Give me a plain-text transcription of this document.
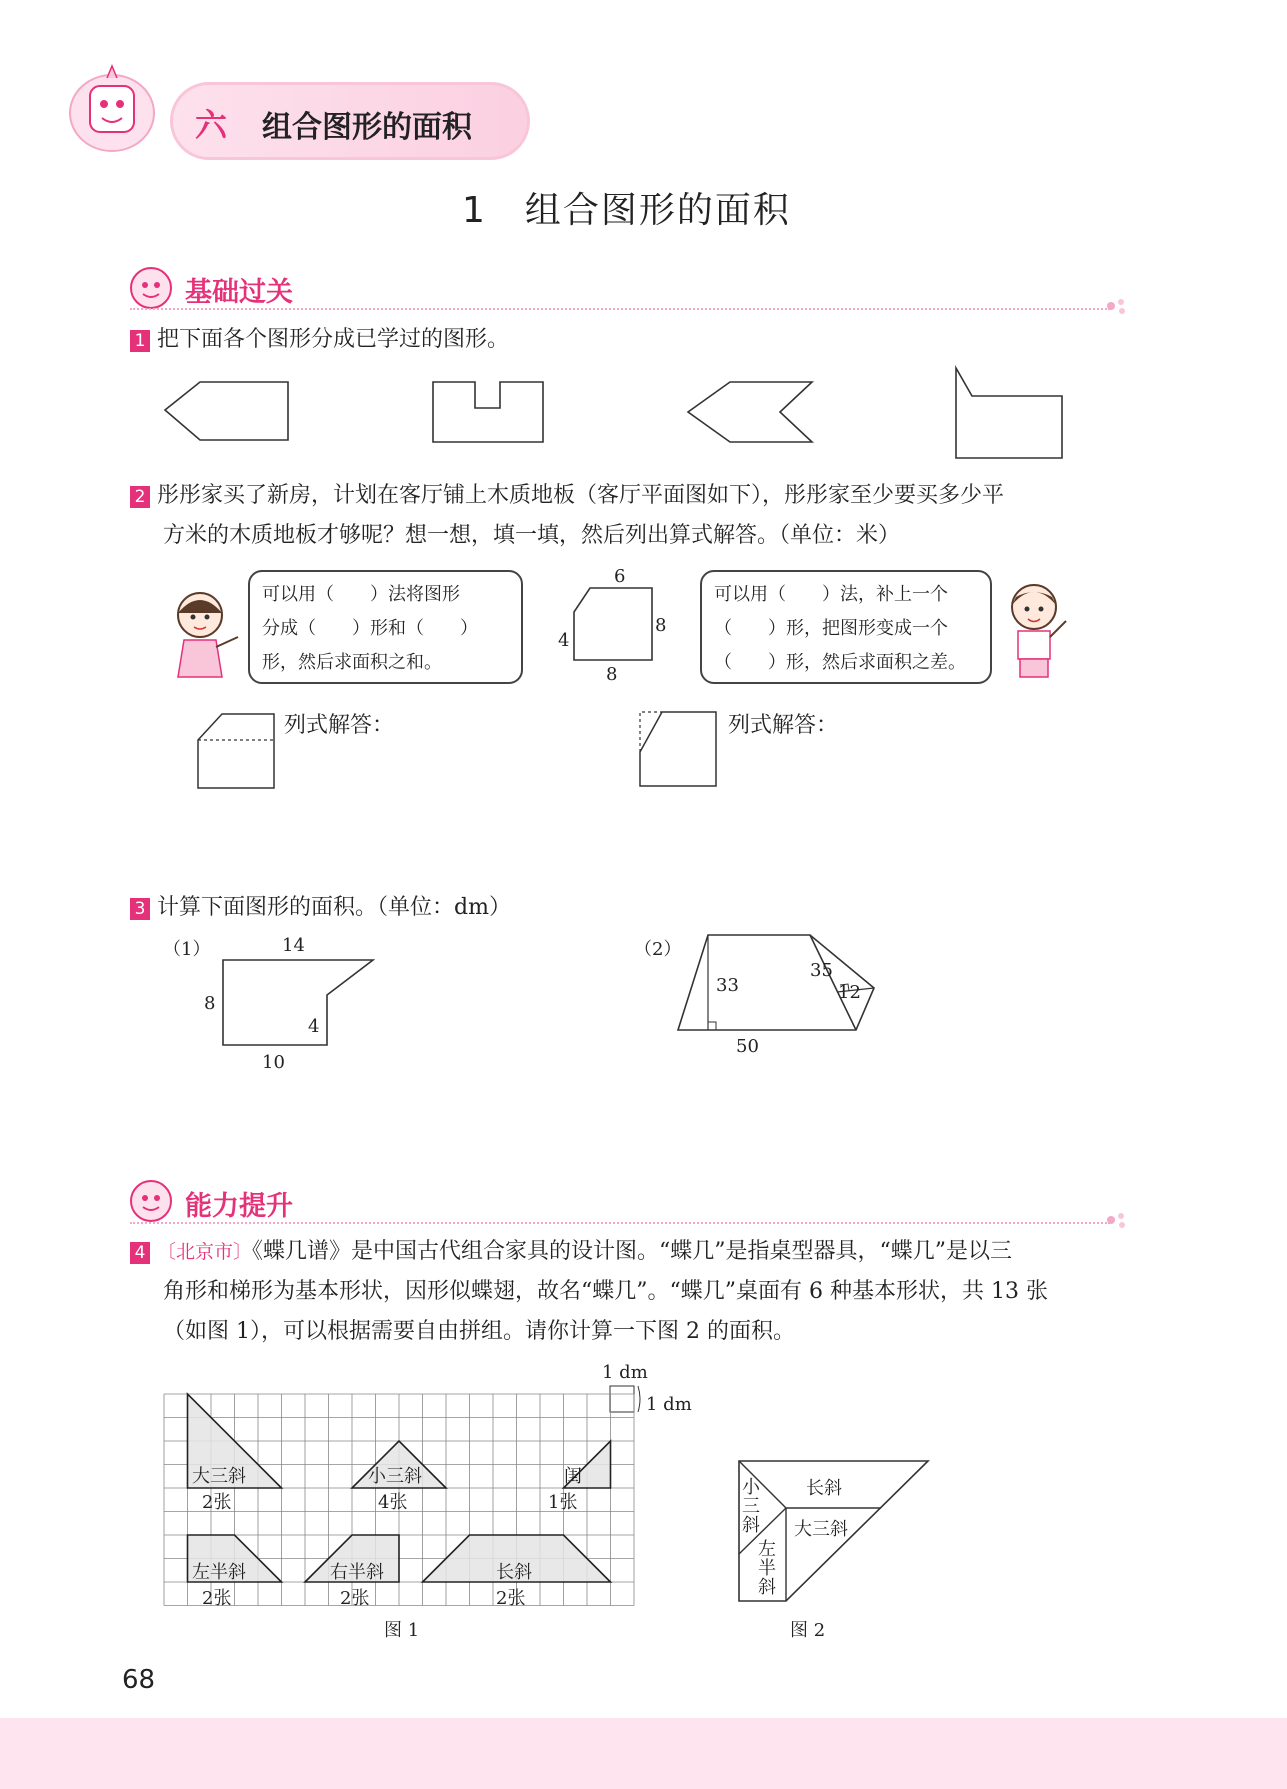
六 组合图形的面积
1　组合图形的面积
基础过关
1 把下面各个图形分成已学过的图形。
2 彤彤家买了新房，计划在客厅铺上木质地板（客厅平面图如下），彤彤家至少要买多少平
方米的木质地板才够呢？想一想，填一填，然后列出算式解答。（单位：米）
可以用（　　）法将图形
分成（　　）形和（　　）
形，然后求面积之和。
6
4
8
8
可以用（　　）法，补上一个
（　　）形，把图形变成一个
（　　）形，然后求面积之差。
列式解答：	列式解答：
3 计算下面图形的面积。（单位：dm）
（1）	14
8
4
10
（2）
33
35
12
50
能力提升
4 〔北京市〕《蝶几谱》是中国古代组合家具的设计图。“蝶几”是指桌型器具，“蝶几”是以三
角形和梯形为基本形状，因形似蝶翅，故名“蝶几”。“蝶几”桌面有 6 种基本形状，共 13 张
（如图 1），可以根据需要自由拼组。请你计算一下图 2 的面积。
1 dm
1 dm
大三斜
2张
小三斜
4张
闺
1张
左半斜
2张
右半斜
2张
长斜
2张
图 1
长斜
大三斜
小三斜
左半斜
图 2
68
